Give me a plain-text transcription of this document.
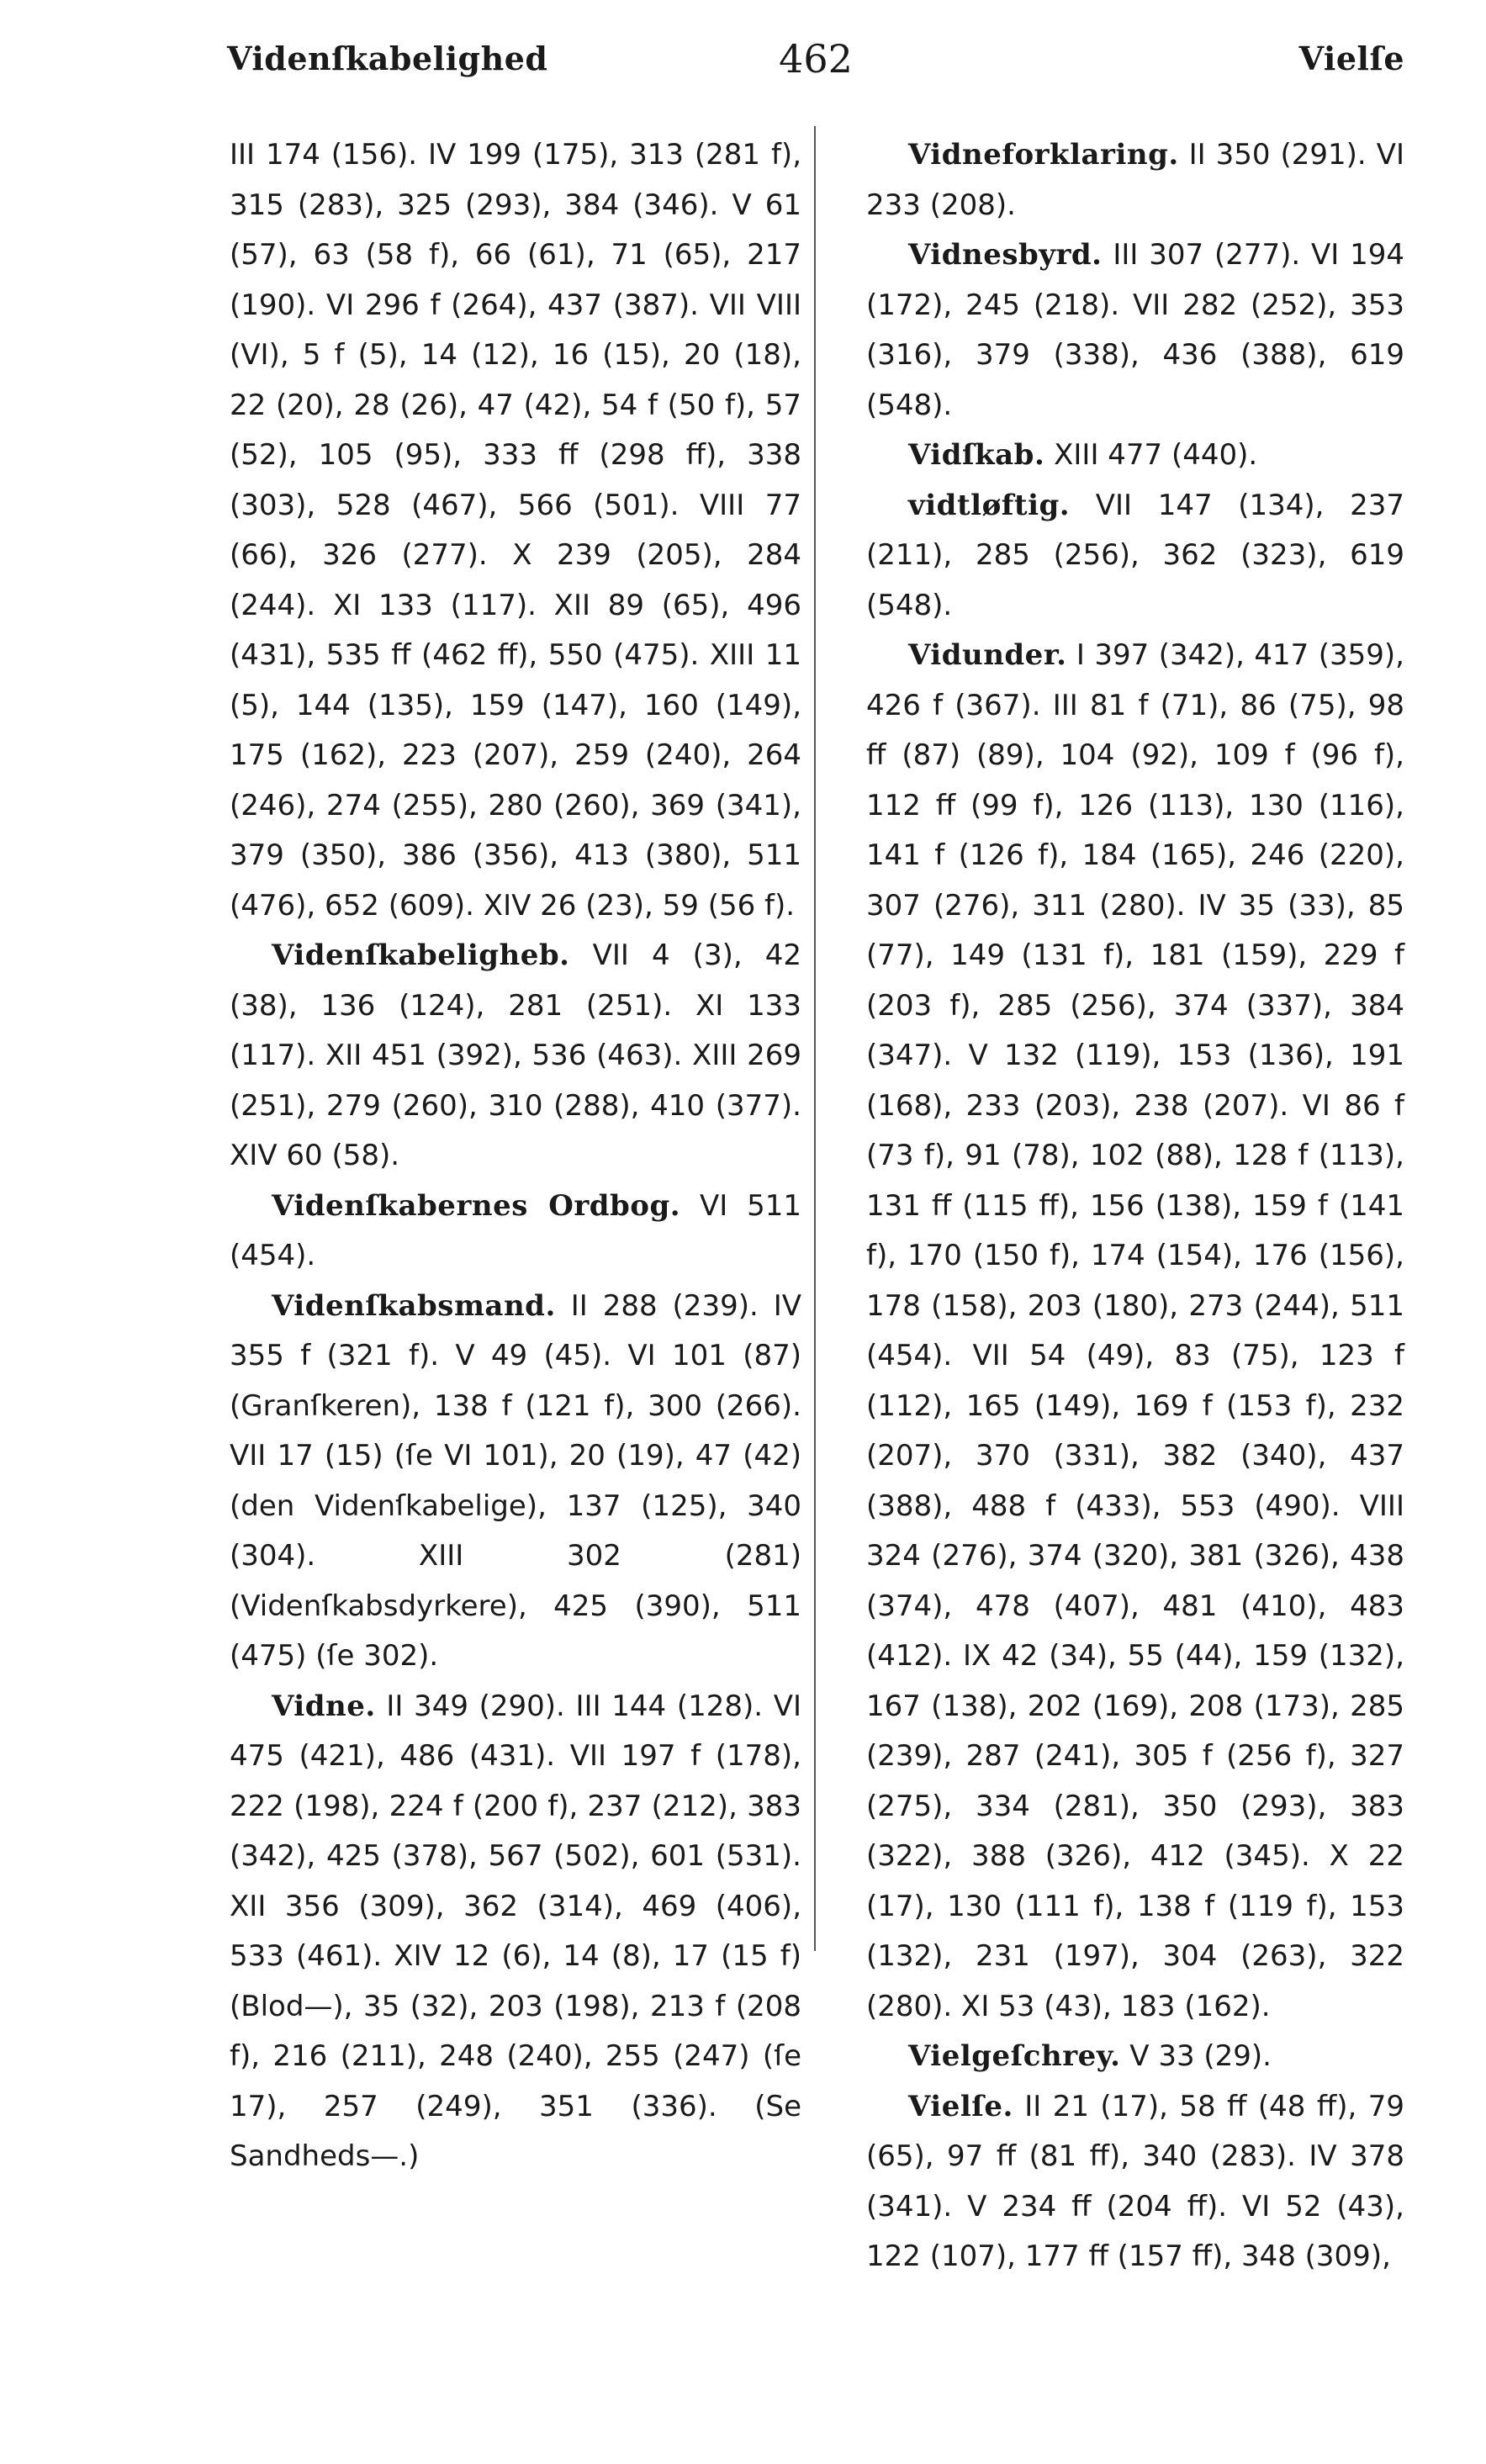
Videnſkabelighed	462	Vielſe

III 174 (156). IV 199 (175), 313 (281 f), 315 (283), 325 (293), 384 (346). V 61 (57), 63 (58 f), 66 (61), 71 (65), 217 (190). VI 296 f (264), 437 (387). VII VIII (VI), 5 f (5), 14 (12), 16 (15), 20 (18), 22 (20), 28 (26), 47 (42), 54 f (50 f), 57 (52), 105 (95), 333 ff (298 ff), 338 (303), 528 (467), 566 (501). VIII 77 (66), 326 (277). X 239 (205), 284 (244). XI 133 (117). XII 89 (65), 496 (431), 535 ff (462 ff), 550 (475). XIII 11 (5), 144 (135), 159 (147), 160 (149), 175 (162), 223 (207), 259 (240), 264 (246), 274 (255), 280 (260), 369 (341), 379 (350), 386 (356), 413 (380), 511 (476), 652 (609). XIV 26 (23), 59 (56 f).

Videnſkabeligheb. VII 4 (3), 42 (38), 136 (124), 281 (251). XI 133 (117). XII 451 (392), 536 (463). XIII 269 (251), 279 (260), 310 (288), 410 (377). XIV 60 (58).

Videnſkabernes Ordbog. VI 511 (454).

Videnſkabsmand. II 288 (239). IV 355 f (321 f). V 49 (45). VI 101 (87) (Granſkeren), 138 f (121 f), 300 (266). VII 17 (15) (ſe VI 101), 20 (19), 47 (42) (den Videnſkabelige), 137 (125), 340 (304). XIII 302 (281) (Videnſkabsdyrkere), 425 (390), 511 (475) (ſe 302).

Vidne. II 349 (290). III 144 (128). VI 475 (421), 486 (431). VII 197 f (178), 222 (198), 224 f (200 f), 237 (212), 383 (342), 425 (378), 567 (502), 601 (531). XII 356 (309), 362 (314), 469 (406), 533 (461). XIV 12 (6), 14 (8), 17 (15 f) (Blod—), 35 (32), 203 (198), 213 f (208 f), 216 (211), 248 (240), 255 (247) (ſe 17), 257 (249), 351 (336). (Se Sandheds—.)

Vidneforklaring. II 350 (291). VI 233 (208).

Vidnesbyrd. III 307 (277). VI 194 (172), 245 (218). VII 282 (252), 353 (316), 379 (338), 436 (388), 619 (548).

Vidſkab. XIII 477 (440).

vidtløftig. VII 147 (134), 237 (211), 285 (256), 362 (323), 619 (548).

Vidunder. I 397 (342), 417 (359), 426 f (367). III 81 f (71), 86 (75), 98 ff (87) (89), 104 (92), 109 f (96 f), 112 ff (99 f), 126 (113), 130 (116), 141 f (126 f), 184 (165), 246 (220), 307 (276), 311 (280). IV 35 (33), 85 (77), 149 (131 f), 181 (159), 229 f (203 f), 285 (256), 374 (337), 384 (347). V 132 (119), 153 (136), 191 (168), 233 (203), 238 (207). VI 86 f (73 f), 91 (78), 102 (88), 128 f (113), 131 ff (115 ff), 156 (138), 159 f (141 f), 170 (150 f), 174 (154), 176 (156), 178 (158), 203 (180), 273 (244), 511 (454). VII 54 (49), 83 (75), 123 f (112), 165 (149), 169 f (153 f), 232 (207), 370 (331), 382 (340), 437 (388), 488 f (433), 553 (490). VIII 324 (276), 374 (320), 381 (326), 438 (374), 478 (407), 481 (410), 483 (412). IX 42 (34), 55 (44), 159 (132), 167 (138), 202 (169), 208 (173), 285 (239), 287 (241), 305 f (256 f), 327 (275), 334 (281), 350 (293), 383 (322), 388 (326), 412 (345). X 22 (17), 130 (111 f), 138 f (119 f), 153 (132), 231 (197), 304 (263), 322 (280). XI 53 (43), 183 (162).

Vielgeſchrey. V 33 (29).

Vielſe. II 21 (17), 58 ff (48 ff), 79 (65), 97 ff (81 ff), 340 (283). IV 378 (341). V 234 ff (204 ff). VI 52 (43), 122 (107), 177 ff (157 ff), 348 (309),
